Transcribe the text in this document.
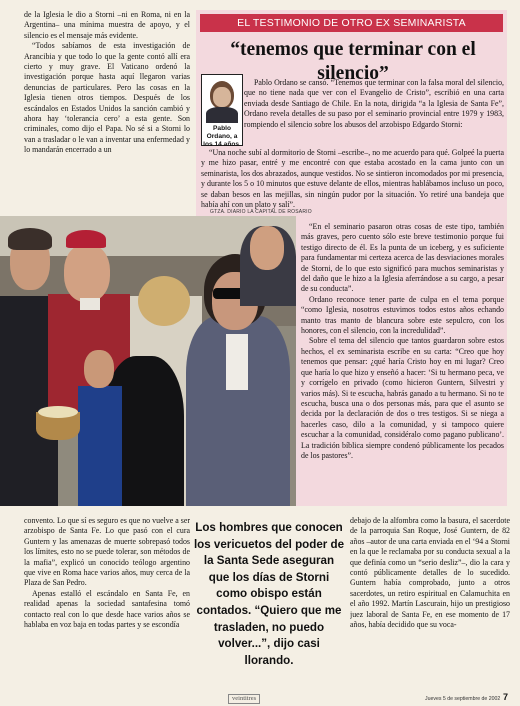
de la Iglesia le dio a Storni –ni en Roma, ni en la Argentina– una mínima muestra de apoyo, y el silencio es el mensaje más evidente.

“Todos sabíamos de esta investigación de Arancibia y que todo lo que la gente contó allí era cierto y muy grave. El Vaticano ordenó la investigación porque hasta aquí llegaron varias denuncias de particulares. Pero las cosas en la Iglesia tienen otros tiempos. Después de los escándalos en Estados Unidos la sanción cambió y ahora hay ‘tolerancia cero’ a esta gente. Son criminales, como dijo el Papa. No sé si a Storni lo van a trasladar o le van a inventar una enfermedad y lo mandarán encerrado a un

EL TESTIMONIO DE OTRO EX SEMINARISTA
“tenemos que terminar con el silencio”
Pablo Ordano, a los 14 años.

Pablo Ordano se cansó. “Tenemos que terminar con la falsa moral del silencio, que no tiene nada que ver con el Evangelio de Cristo”, escribió en una carta enviada desde Santiago de Chile. En la nota, dirigida “a la Iglesia de Santa Fe”, Ordano revela detalles de su paso por el seminario provincial entre 1979 y 1983, rompiendo el silencio sobre los abusos del arzobispo Edgardo Storni:

“Una noche subí al dormitorio de Storni –escribe–, no me acuerdo para qué. Golpeé la puerta y me hizo pasar, entré y me encontré con que estaba acostado en la cama junto con un seminarista, los dos abrazados, aunque vestidos. No se sintieron incomodados por mi presencia, y durante los 5 o 10 minutos que estuve delante de ellos, mientras hablábamos incluso un poco, se daban besos en las mejillas, sin ningún pudor por la situación. Yo retiré una bandeja que había ahí con un plato y salí”.

GTZA. DIARIO LA CAPITAL DE ROSARIO

“En el seminario pasaron otras cosas de este tipo, también más graves, pero cuento sólo este breve testimonio porque fui testigo directo de él. Es la punta de un iceberg, y es suficiente para fundamentar mi certeza acerca de las desviaciones morales de Storni, de lo que esto significó para muchos seminaristas y del daño que le hizo a la Iglesia aferrándose a su cargo, a pesar de su conducta”.

Ordano reconoce tener parte de culpa en el tema porque “como Iglesia, nosotros estuvimos todos estos años echando manto tras manto de blancura sobre este sepulcro, con los honores, con el silencio, con la incredulidad”.

Sobre el tema del silencio que tantos guardaron sobre estos hechos, el ex seminarista escribe en su carta: “Creo que hoy tenemos que pensar: ¿qué haría Cristo hoy en mi lugar? Creo que haría lo que hizo y enseñó a hacer: ‘Si tu hermano peca, ve y corrígelo en privado (como hicieron Guntern, Silvestri y varios más). Si te escucha, habrás ganado a tu hermano. Si no te escucha, busca una o dos personas más, para que el asunto se decida por la declaración de dos o tres testigos. Si se niega a hacerles caso, dilo a la comunidad, y si tampoco quiere escuchar a la comunidad, considéralo como pagano publicano’. La tradición bíblica siempre condenó públicamente los pecados de los pastores”.

convento. Lo que sí es seguro es que no vuelve a ser arzobispo de Santa Fe. Lo que pasó con el cura Guntern y las amenazas de muerte sobrepasó todos los límites, esto no se puede tolerar, son métodos de la mafia”, explicó un conocido teólogo argentino que vive en Roma hace varios años, muy cerca de la Plaza de San Pedro.

Apenas estalló el escándalo en Santa Fe, en realidad apenas la sociedad santafesina tomó contacto real con lo que desde hace varios años se hablaba en voz baja en todas partes y se escondía

Los hombres que conocen los vericuetos del poder de la Santa Sede aseguran que los días de Storni como obispo están contados. “Quiero que me trasladen, no puedo volver...”, dijo casi llorando.

debajo de la alfombra como la basura, el sacerdote de la parroquia San Roque, José Guntern, de 82 años –autor de una carta enviada en el ‘94 a Storni en la que le reclamaba por su conducta sexual a la que definía como un “serio desliz”–, dio la cara y contó públicamente detalles de lo sucedido. Guntern había comprobado, junto a otros sacerdotes, un retiro espiritual en Calamuchita en el año 1992. Martín Lascurain, hijo un prestigioso juez laboral de Santa Fe, en ese momento de 17 años, había decidido que su voca-

veintitres	Jueves 5 de septiembre de 2002 7
